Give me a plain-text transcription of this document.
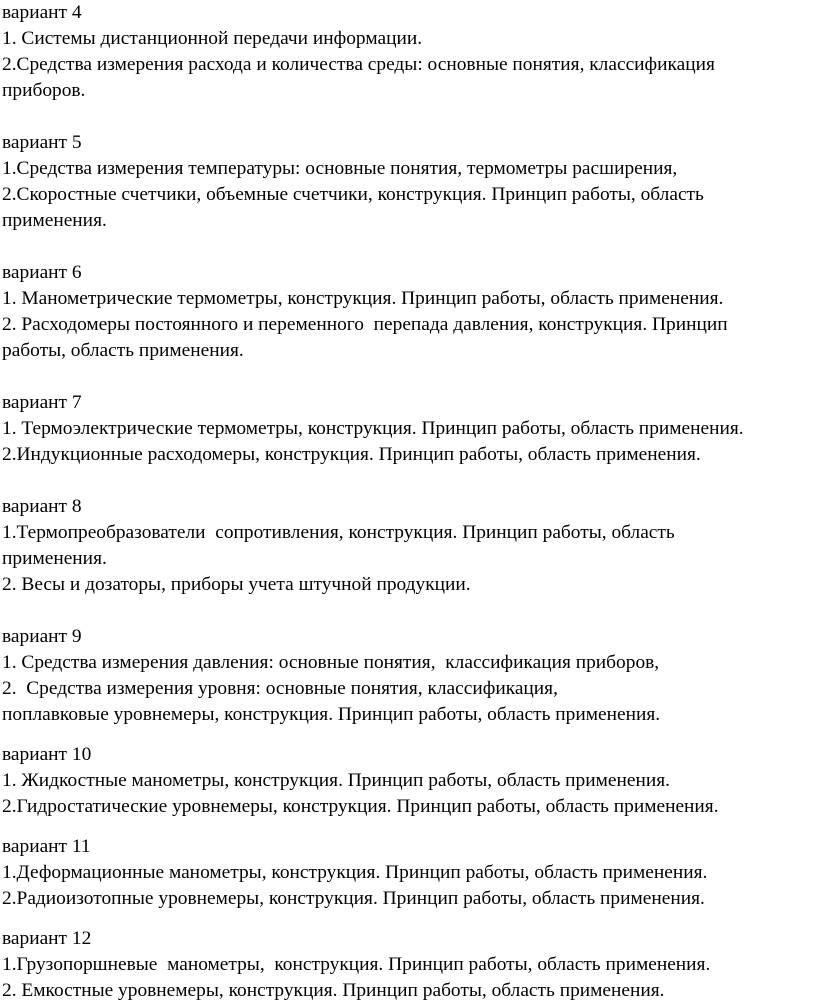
вариант 4
1. Системы дистанционной передачи информации.
2.Средства измерения расхода и количества среды: основные понятия, классификация
приборов.
вариант 5
1.Средства измерения температуры: основные понятия, термометры расширения,
2.Скоростные счетчики, объемные счетчики, конструкция. Принцип работы, область
применения.
вариант 6
1. Манометрические термометры, конструкция. Принцип работы, область применения.
2. Расходомеры постоянного и переменного  перепада давления, конструкция. Принцип
работы, область применения.
вариант 7
1. Термоэлектрические термометры, конструкция. Принцип работы, область применения.
2.Индукционные расходомеры, конструкция. Принцип работы, область применения.
вариант 8
1.Термопреобразователи  сопротивления, конструкция. Принцип работы, область
применения.
2. Весы и дозаторы, приборы учета штучной продукции.
вариант 9
1. Средства измерения давления: основные понятия,  классификация приборов,
2.  Средства измерения уровня: основные понятия, классификация,
поплавковые уровнемеры, конструкция. Принцип работы, область применения.
вариант 10
1. Жидкостные манометры, конструкция. Принцип работы, область применения.
2.Гидростатические уровнемеры, конструкция. Принцип работы, область применения.
вариант 11
1.Деформационные манометры, конструкция. Принцип работы, область применения.
2.Радиоизотопные уровнемеры, конструкция. Принцип работы, область применения.
вариант 12
1.Грузопоршневые  манометры,  конструкция. Принцип работы, область применения.
2. Емкостные уровнемеры, конструкция. Принцип работы, область применения.
